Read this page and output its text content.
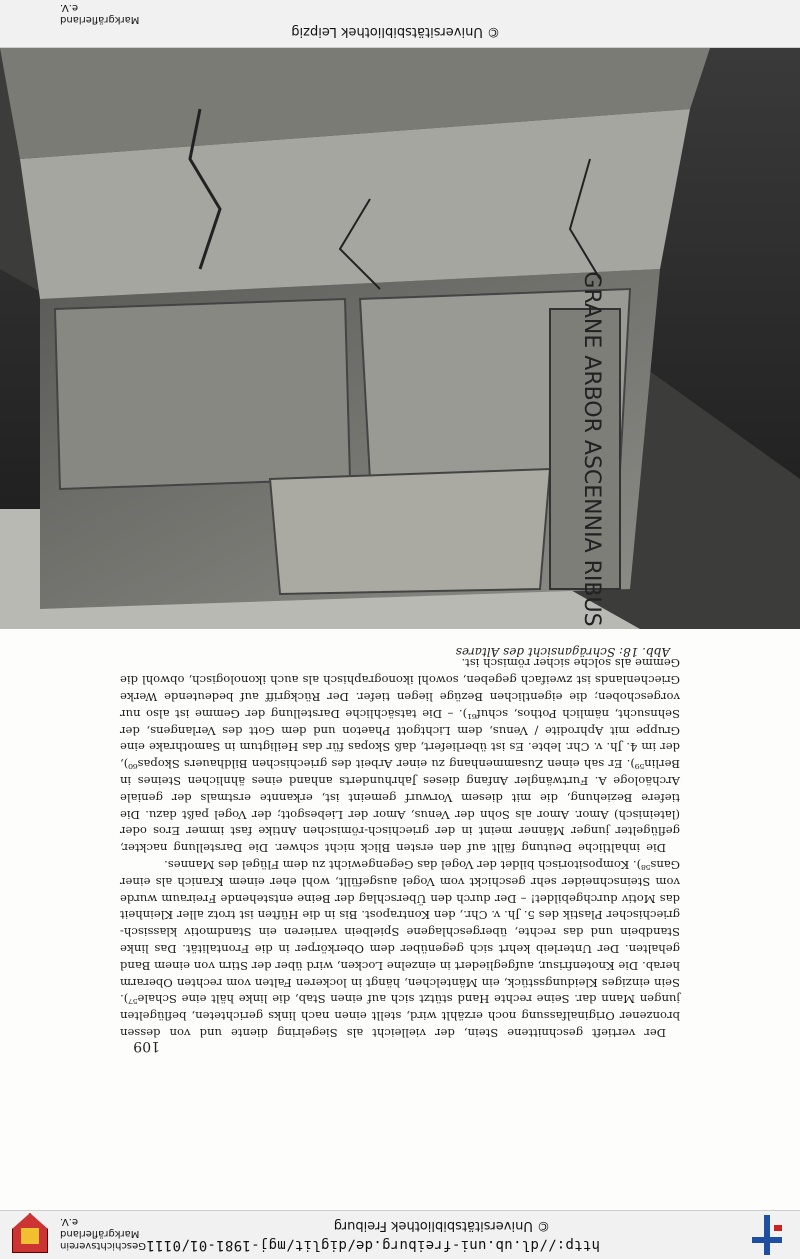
http://dl.ub.uni-freiburg.de/diglit/mgj-1981-01/0111
© Universitätsbibliothek Freiburg
Geschichtsverein Markgräflerland e.V.
109

Der vertieft geschnittene Stein, der vielleicht als Siegelring diente und von dessen bronzener Originalfassung noch erzählt wird, stellt einen nach links gerichteten, beflügelten jungen Mann dar. Seine rechte Hand stützt sich auf einen Stab, die linke hält eine Schale⁵⁷). Sein einziges Kleidungsstück, ein Mäntelchen, hängt in lockeren Falten vom rechten Oberarm herab. Die Knotenfrisur, aufgegliedert in einzelne Locken, wird über der Stirn von einem Band gehalten. Der Unterleib kehrt sich gegenüber dem Oberkörper in die Frontalität. Das linke Standbein und das rechte, übergeschlagene Spielbein variieren ein Standmotiv klassisch-griechischer Plastik des 5. Jh. v. Chr., den Kontrapost. Bis in die Hüften ist trotz aller Kleinheit das Motiv durchgebildet! – Der durch den Überschlag der Beine entstehende Freiraum wurde vom Steinschneider sehr geschickt vom Vogel ausgefüllt, wohl eher einem Kranich als einer Gans⁵⁸). Kompositorisch bildet der Vogel das Gegengewicht zu dem Flügel des Mannes.

Die inhaltliche Deutung fällt auf den ersten Blick nicht schwer. Die Darstellung nackter, geflügelter junger Männer meint in der griechisch-römischen Antike fast immer Eros oder (lateinisch) Amor. Amor als Sohn der Venus, Amor der Liebesgott; der Vogel paßt dazu. Die tiefere Beziehung, die mit diesem Vorwurf gemeint ist, erkannte erstmals der geniale Archäologe A. Furtwängler Anfang dieses Jahrhunderts anhand eines ähnlichen Steines in Berlin⁵⁹). Er sah einen Zusammenhang zu einer Arbeit des griechischen Bildhauers Skopas⁶⁰), der im 4. Jh. v. Chr. lebte. Es ist überliefert, daß Skopas für das Heiligtum in Samothrake eine Gruppe mit Aphrodite / Venus, dem Lichtgott Phaeton und dem Gott des Verlangens, der Sehnsucht, nämlich Pothos, schuf⁶¹). – Die tatsächliche Darstellung der Gemme ist also nur vorgeschoben; die eigentlichen Bezüge liegen tiefer. Der Rückgriff auf bedeutende Werke Griechenlands ist zweifach gegeben, sowohl ikonographisch als auch ikonologisch, obwohl die Gemme als solche sicher römisch ist.

Abb. 18: Schrägansicht des Altares
GRANE ARBOR ASCENNIA RIBUS
© Universitätsbibliothek Leipzig
Markgräflerland e.V.
